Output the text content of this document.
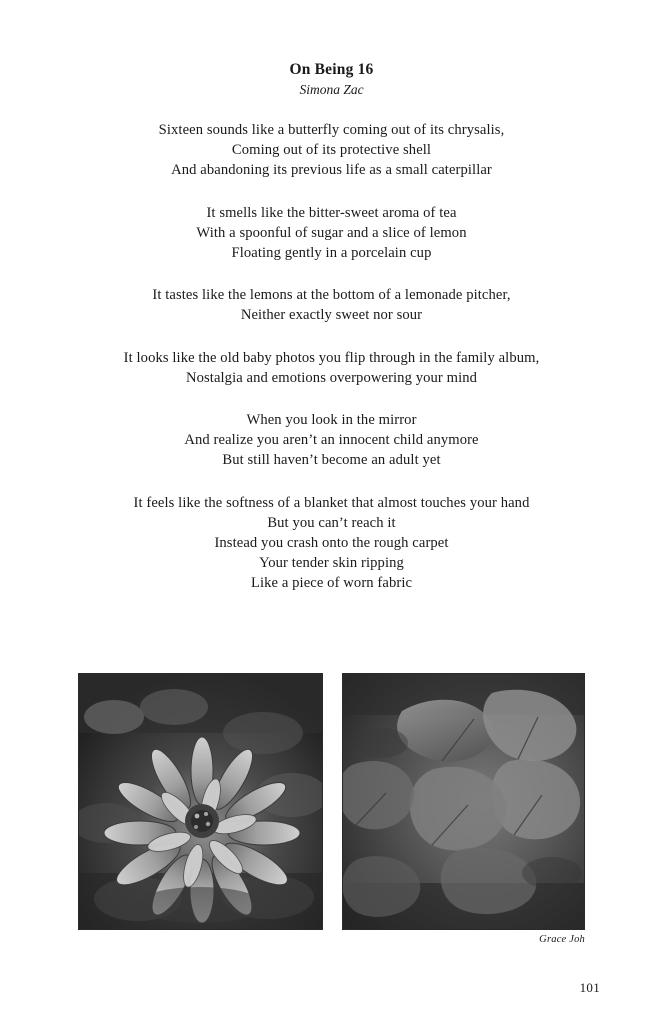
On Being 16
Simona Zac
Sixteen sounds like a butterfly coming out of its chrysalis,
Coming out of its protective shell
And abandoning its previous life as a small caterpillar
It smells like the bitter-sweet aroma of tea
With a spoonful of sugar and a slice of lemon
Floating gently in a porcelain cup
It tastes like the lemons at the bottom of a lemonade pitcher,
Neither exactly sweet nor sour
It looks like the old baby photos you flip through in the family album,
Nostalgia and emotions overpowering your mind
When you look in the mirror
And realize you aren’t an innocent child anymore
But still haven’t become an adult yet
It feels like the softness of a blanket that almost touches your hand
But you can’t reach it
Instead you crash onto the rough carpet
Your tender skin ripping
Like a piece of worn fabric
Grace Joh
101
